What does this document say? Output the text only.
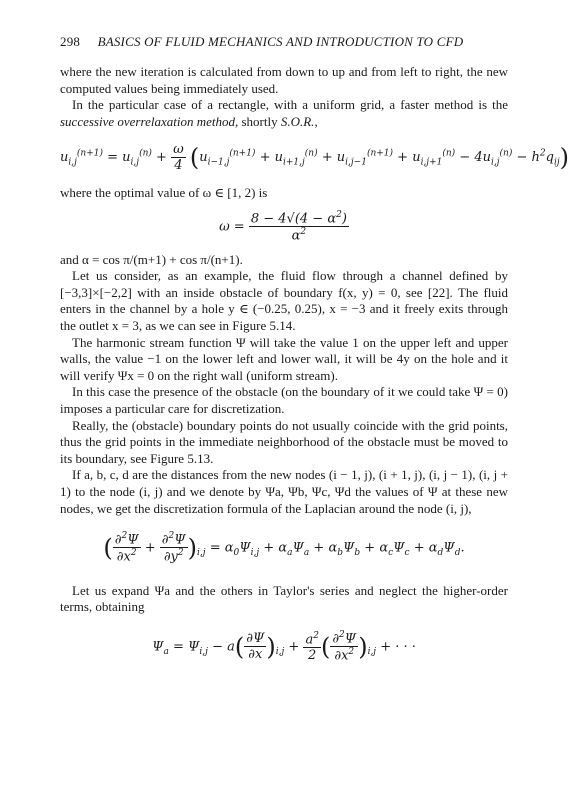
298 BASICS OF FLUID MECHANICS AND INTRODUCTION TO CFD

where the new iteration is calculated from down to up and from left to right, the new computed values being immediately used.

In the particular case of a rectangle, with a uniform grid, a faster method is the successive overrelaxation method, shortly S.O.R.,

$u_{i,j}^{(n+1)} = u_{i,j}^{(n)} + \frac{\omega}{4} (u_{i-1,j}^{(n+1)} + u_{i+1,j}^{(n)} + u_{i,j-1}^{(n+1)} + u_{i,j+1}^{(n)} - 4u_{i,j}^{(n)} - h^2q_{ij})$

where the optimal value of ω ∈ [1, 2) is

$\omega = \frac{8 - 4√(4 - \alpha^2)}{\alpha^2}$

and α = cos π/(m+1) + cos π/(n+1).

Let us consider, as an example, the fluid flow through a channel defined by [−3,3]×[−2,2] with an inside obstacle of boundary f(x, y) = 0, see [22]. The fluid enters in the channel by a hole y ∈ (−0.25, 0.25), x = −3 and it freely exits through the outlet x = 3, as we can see in Figure 5.14.

The harmonic stream function Ψ will take the value 1 on the upper left and upper walls, the value −1 on the lower left and lower wall, it will be 4y on the hole and it will verify Ψx = 0 on the right wall (uniform stream).

In this case the presence of the obstacle (on the boundary of it we could take Ψ = 0) imposes a particular care for discretization.

Really, the (obstacle) boundary points do not usually coincide with the grid points, thus the grid points in the immediate neighborhood of the obstacle must be moved to its boundary, see Figure 5.13.

If a, b, c, d are the distances from the new nodes (i − 1, j), (i + 1, j), (i, j − 1), (i, j + 1) to the node (i, j) and we denote by Ψa, Ψb, Ψc, Ψd the values of Ψ at these new nodes, we get the discretization formula of the Laplacian around the node (i, j),

( $\frac{\partial^2\Psi}{\partial x^2} + \frac{\partial^2\Psi}{\partial y^2} )_{i,j} = \alpha_0\Psi_{i,j} + \alpha_a\Psi_a + \alpha_b\Psi_b + \alpha_c\Psi_c + \alpha_d\Psi_d$.

Let us expand Ψa and the others in Taylor's series and neglect the higher-order terms, obtaining

$\Psi_a = \Psi_{i,j} - a( \frac{\partial\Psi}{\partial x} )_{i,j} + \frac{a^2}{2}$ ( $\frac{\partial^2\Psi}{\partial x^2} )_{i,j}$ + · · ·
